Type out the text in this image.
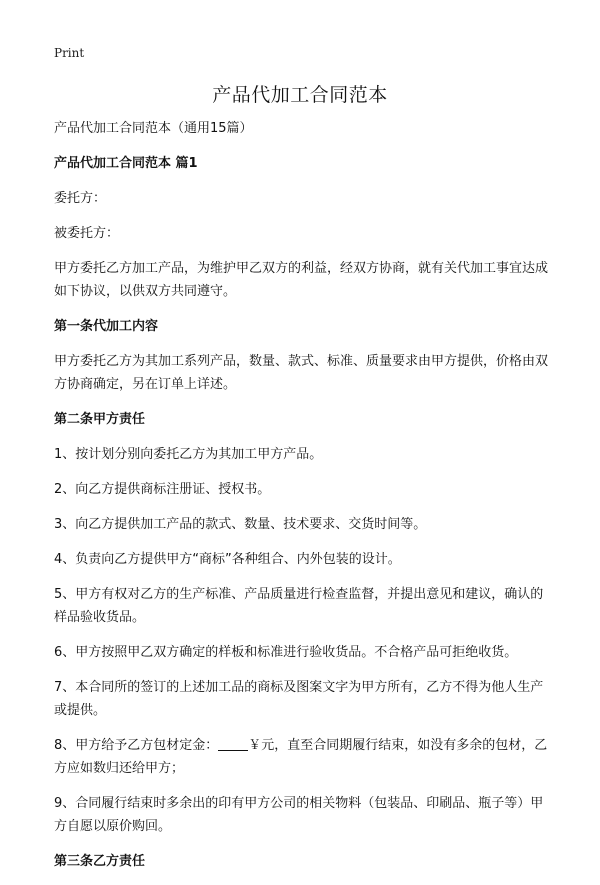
Print
产品代加工合同范本

产品代加工合同范本（通用15篇）

产品代加工合同范本 篇1

委托方：

被委托方：

甲方委托乙方加工产品，为维护甲乙双方的利益，经双方协商，就有关代加工事宜达成如下协议，以供双方共同遵守。

第一条代加工内容

甲方委托乙方为其加工系列产品，数量、款式、标准、质量要求由甲方提供，价格由双方协商确定，另在订单上详述。

第二条甲方责任

1、按计划分别向委托乙方为其加工甲方产品。

2、向乙方提供商标注册证、授权书。

3、向乙方提供加工产品的款式、数量、技术要求、交货时间等。

4、负责向乙方提供甲方“商标”各种组合、内外包装的设计。

5、甲方有权对乙方的生产标准、产品质量进行检查监督，并提出意见和建议，确认的样品验收货品。

6、甲方按照甲乙双方确定的样板和标准进行验收货品。不合格产品可拒绝收货。

7、本合同所的签订的上述加工品的商标及图案文字为甲方所有，乙方不得为他人生产或提供。

8、甲方给予乙方包材定金： ￥元，直至合同期履行结束，如没有多余的包材，乙方应如数归还给甲方；

9、合同履行结束时多余出的印有甲方公司的相关物料（包装品、印刷品、瓶子等）甲方自愿以原价购回。

第三条乙方责任
